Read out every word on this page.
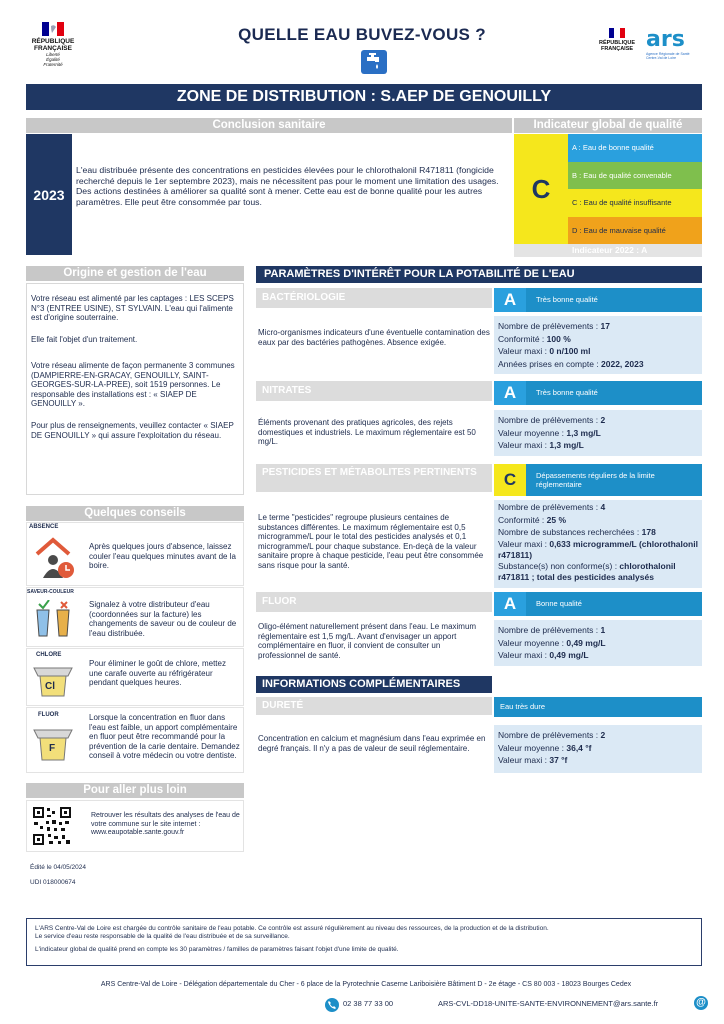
RÉPUBLIQUE
FRANÇAISE
Liberté
Égalité
Fraternité
QUELLE EAU BUVEZ-VOUS ?	RÉPUBLIQUE
FRANÇAISE ars
Agence Régionale de Santé
Centre-Val de Loire
ZONE DE DISTRIBUTION : S.AEP DE GENOUILLY
Conclusion sanitaire
2023
L'eau distribuée présente des concentrations en pesticides élevées pour le chlorothalonil R471811 (fongicide recherché depuis le 1er septembre 2023), mais ne nécessitent pas pour le moment une limitation des usages. Des actions destinées à améliorer sa qualité sont à mener. Cette eau est de bonne qualité pour les autres paramètres. Elle peut être consommée par tous.
Indicateur global de qualité
C
A : Eau de bonne qualité
B : Eau de qualité convenable
C : Eau de qualité insuffisante
D : Eau de mauvaise qualité
Indicateur 2022 : A
Origine et gestion de l'eau
Votre réseau est alimenté par les captages : LES SCEPS N°3 (ENTREE USINE), ST SYLVAIN. L'eau qui l'alimente est d'origine souterraine.
Elle fait l'objet d'un traitement.
Votre réseau alimente de façon permanente 3 communes (DAMPIERRE-EN-GRACAY, GENOUILLY, SAINT-GEORGES-SUR-LA-PREE), soit 1519 personnes. Le responsable des installations est : « SIAEP DE GENOUILLY ».
Pour plus de renseignements, veuillez contacter « SIAEP DE GENOUILLY » qui assure l'exploitation du réseau.
Quelques conseils
ABSENCE
Après quelques jours d'absence, laissez couler l'eau quelques minutes avant de la boire.
SAVEUR-COULEUR
Signalez à votre distributeur d'eau (coordonnées sur la facture) les changements de saveur ou de couleur de l'eau distribuée.
CHLORE
Cl
Pour éliminer le goût de chlore, mettez une carafe ouverte au réfrigérateur pendant quelques heures.
FLUOR
F
Lorsque la concentration en fluor dans l'eau est faible, un apport complémentaire en fluor peut être recommandé pour la prévention de la carie dentaire. Demandez conseil à votre médecin ou votre dentiste.
Pour aller plus loin
Retrouver les résultats des analyses de l'eau de votre commune sur le site internet : www.eaupotable.sante.gouv.fr
Édité le 04/05/2024
UDI 018000674
PARAMÈTRES D'INTÉRÊT POUR LA POTABILITÉ DE L'EAU
BACTÉRIOLOGIE	A	Très bonne qualité
Micro-organismes indicateurs d'une éventuelle contamination des eaux par des bactéries pathogènes. Absence exigée.
Nombre de prélèvements : 17
Conformité : 100 %
Valeur maxi : 0 n/100 ml
Années prises en compte : 2022, 2023
NITRATES	A	Très bonne qualité
Éléments provenant des pratiques agricoles, des rejets domestiques et industriels. Le maximum réglementaire est 50 mg/L.
Nombre de prélèvements : 2
Valeur moyenne : 1,3 mg/L
Valeur maxi : 1,3 mg/L
PESTICIDES ET MÉTABOLITES PERTINENTS	C	Dépassements réguliers de la limite réglementaire
Le terme "pesticides" regroupe plusieurs centaines de substances différentes. Le maximum réglementaire est 0,5 microgramme/L pour le total des pesticides analysés et 0,1 microgramme/L pour chaque substance. En-deçà de la valeur sanitaire propre à chaque pesticide, l'eau peut être consommée sans risque pour la santé.
Nombre de prélèvements : 4
Conformité : 25 %
Nombre de substances recherchées : 178
Valeur maxi : 0,633 microgramme/L (chlorothalonil r471811)
Substance(s) non conforme(s) : chlorothalonil r471811 ; total des pesticides analysés
FLUOR	A	Bonne qualité
Oligo-élément naturellement présent dans l'eau. Le maximum réglementaire est 1,5 mg/L. Avant d'envisager un apport complémentaire en fluor, il convient de consulter un professionnel de santé.
Nombre de prélèvements : 1
Valeur moyenne : 0,49 mg/L
Valeur maxi : 0,49 mg/L
INFORMATIONS COMPLÉMENTAIRES
DURETÉ	Eau très dure
Concentration en calcium et magnésium dans l'eau exprimée en degré français. Il n'y a pas de valeur de seuil réglementaire.
Nombre de prélèvements : 2
Valeur moyenne : 36,4 °f
Valeur maxi : 37 °f
L'ARS Centre-Val de Loire est chargée du contrôle sanitaire de l'eau potable. Ce contrôle est assuré régulièrement au niveau des ressources, de la production et de la distribution.
Le service d'eau reste responsable de la qualité de l'eau distribuée et de sa surveillance.
L'indicateur global de qualité prend en compte les 30 paramètres / familles de paramètres faisant l'objet d'une limite de qualité.
ARS Centre-Val de Loire - Délégation départementale du Cher - 6 place de la Pyrotechnie Caserne Lariboisière Bâtiment D - 2e étage - CS 80 003 - 18023 Bourges Cedex
02 38 77 33 00	ARS-CVL-DD18-UNITE-SANTE-ENVIRONNEMENT@ars.sante.fr	@
